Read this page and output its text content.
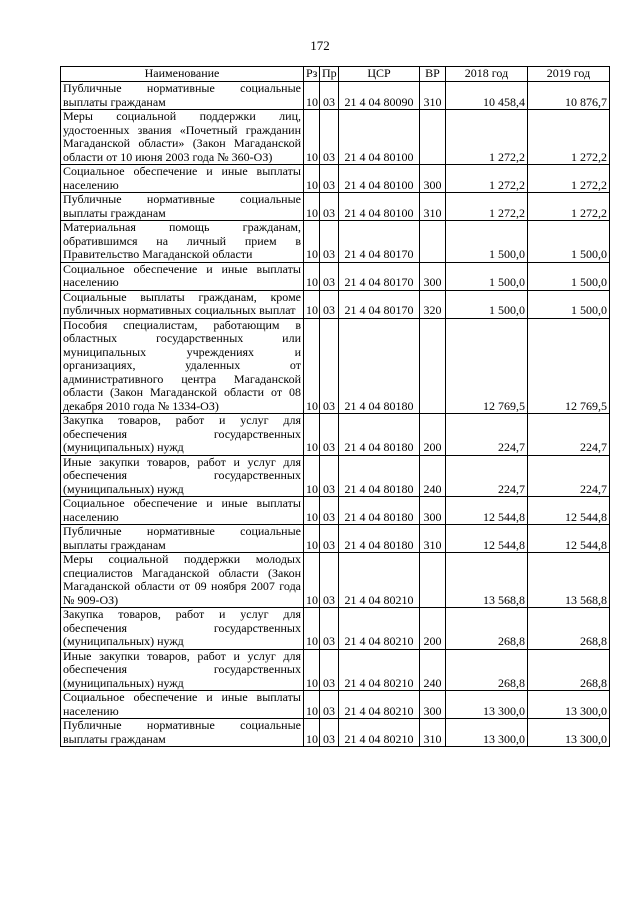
172
Наименование	Рз	Пр	ЦСР	ВР	2018 год	2019 год
Публичные нормативные социальные выплаты гражданам	10	03	21 4 04 80090	310	10 458,4	10 876,7
Меры социальной поддержки лиц, удостоенных звания «Почетный гражданин Магаданской области» (Закон Магаданской области от 10 июня 2003 года № 360-ОЗ)	10	03	21 4 04 80100		1 272,2	1 272,2
Социальное обеспечение и иные выплаты населению	10	03	21 4 04 80100	300	1 272,2	1 272,2
Публичные нормативные социальные выплаты гражданам	10	03	21 4 04 80100	310	1 272,2	1 272,2
Материальная помощь гражданам, обратившимся на личный прием в Правительство Магаданской области	10	03	21 4 04 80170		1 500,0	1 500,0
Социальное обеспечение и иные выплаты населению	10	03	21 4 04 80170	300	1 500,0	1 500,0
Социальные выплаты гражданам, кроме публичных нормативных социальных выплат	10	03	21 4 04 80170	320	1 500,0	1 500,0
Пособия специалистам, работающим в областных государственных или муниципальных учреждениях и организациях, удаленных от административного центра Магаданской области (Закон Магаданской области от 08 декабря 2010 года № 1334-ОЗ)	10	03	21 4 04 80180		12 769,5	12 769,5
Закупка товаров, работ и услуг для обеспечения государственных (муниципальных) нужд	10	03	21 4 04 80180	200	224,7	224,7
Иные закупки товаров, работ и услуг для обеспечения государственных (муниципальных) нужд	10	03	21 4 04 80180	240	224,7	224,7
Социальное обеспечение и иные выплаты населению	10	03	21 4 04 80180	300	12 544,8	12 544,8
Публичные нормативные социальные выплаты гражданам	10	03	21 4 04 80180	310	12 544,8	12 544,8
Меры социальной поддержки молодых специалистов Магаданской области (Закон Магаданской области от 09 ноября 2007 года № 909-ОЗ)	10	03	21 4 04 80210		13 568,8	13 568,8
Закупка товаров, работ и услуг для обеспечения государственных (муниципальных) нужд	10	03	21 4 04 80210	200	268,8	268,8
Иные закупки товаров, работ и услуг для обеспечения государственных (муниципальных) нужд	10	03	21 4 04 80210	240	268,8	268,8
Социальное обеспечение и иные выплаты населению	10	03	21 4 04 80210	300	13 300,0	13 300,0
Публичные нормативные социальные выплаты гражданам	10	03	21 4 04 80210	310	13 300,0	13 300,0
